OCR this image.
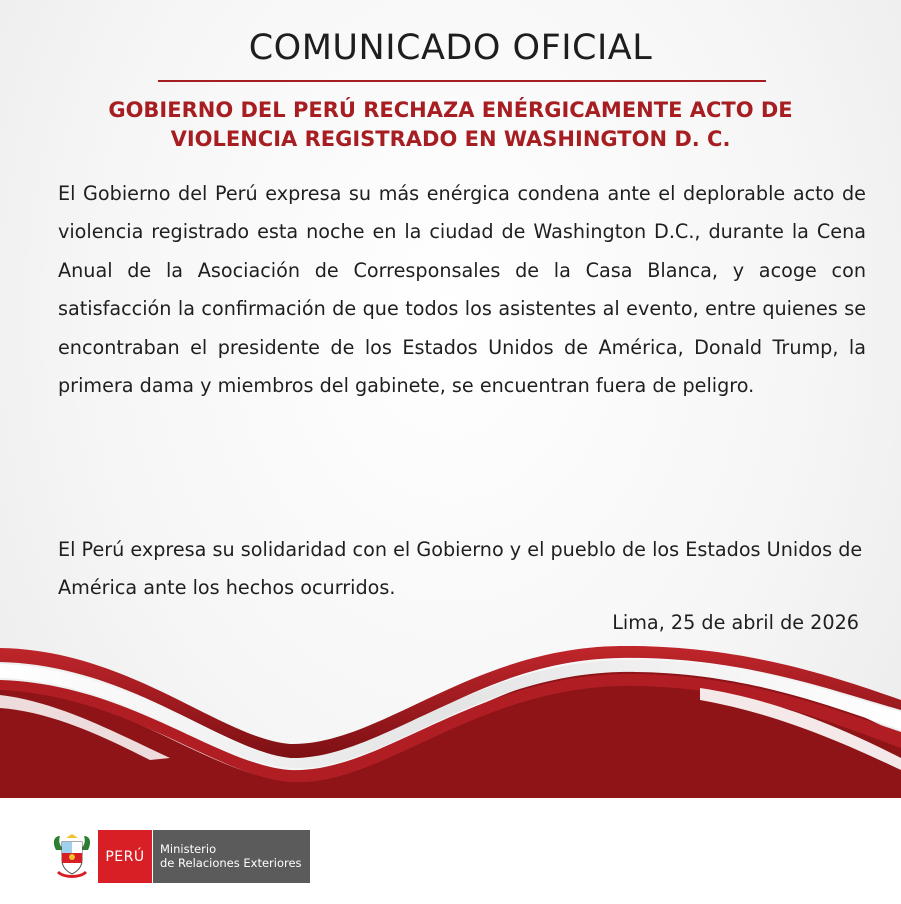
COMUNICADO OFICIAL
GOBIERNO DEL PERÚ RECHAZA ENÉRGICAMENTE ACTO DE VIOLENCIA REGISTRADO EN WASHINGTON D. C.

El Gobierno del Perú expresa su más enérgica condena ante el deplorable acto de violencia registrado esta noche en la ciudad de Washington D.C., durante la Cena Anual de la Asociación de Corresponsales de la Casa Blanca, y acoge con satisfacción la confirmación de que todos los asistentes al evento, entre quienes se encontraban el presidente de los Estados Unidos de América, Donald Trump, la primera dama y miembros del gabinete, se encuentran fuera de peligro.

El Perú expresa su solidaridad con el Gobierno y el pueblo de los Estados Unidos de América ante los hechos ocurridos.

Lima, 25 de abril de 2026

PERÚ	Ministerio
de Relaciones Exteriores
